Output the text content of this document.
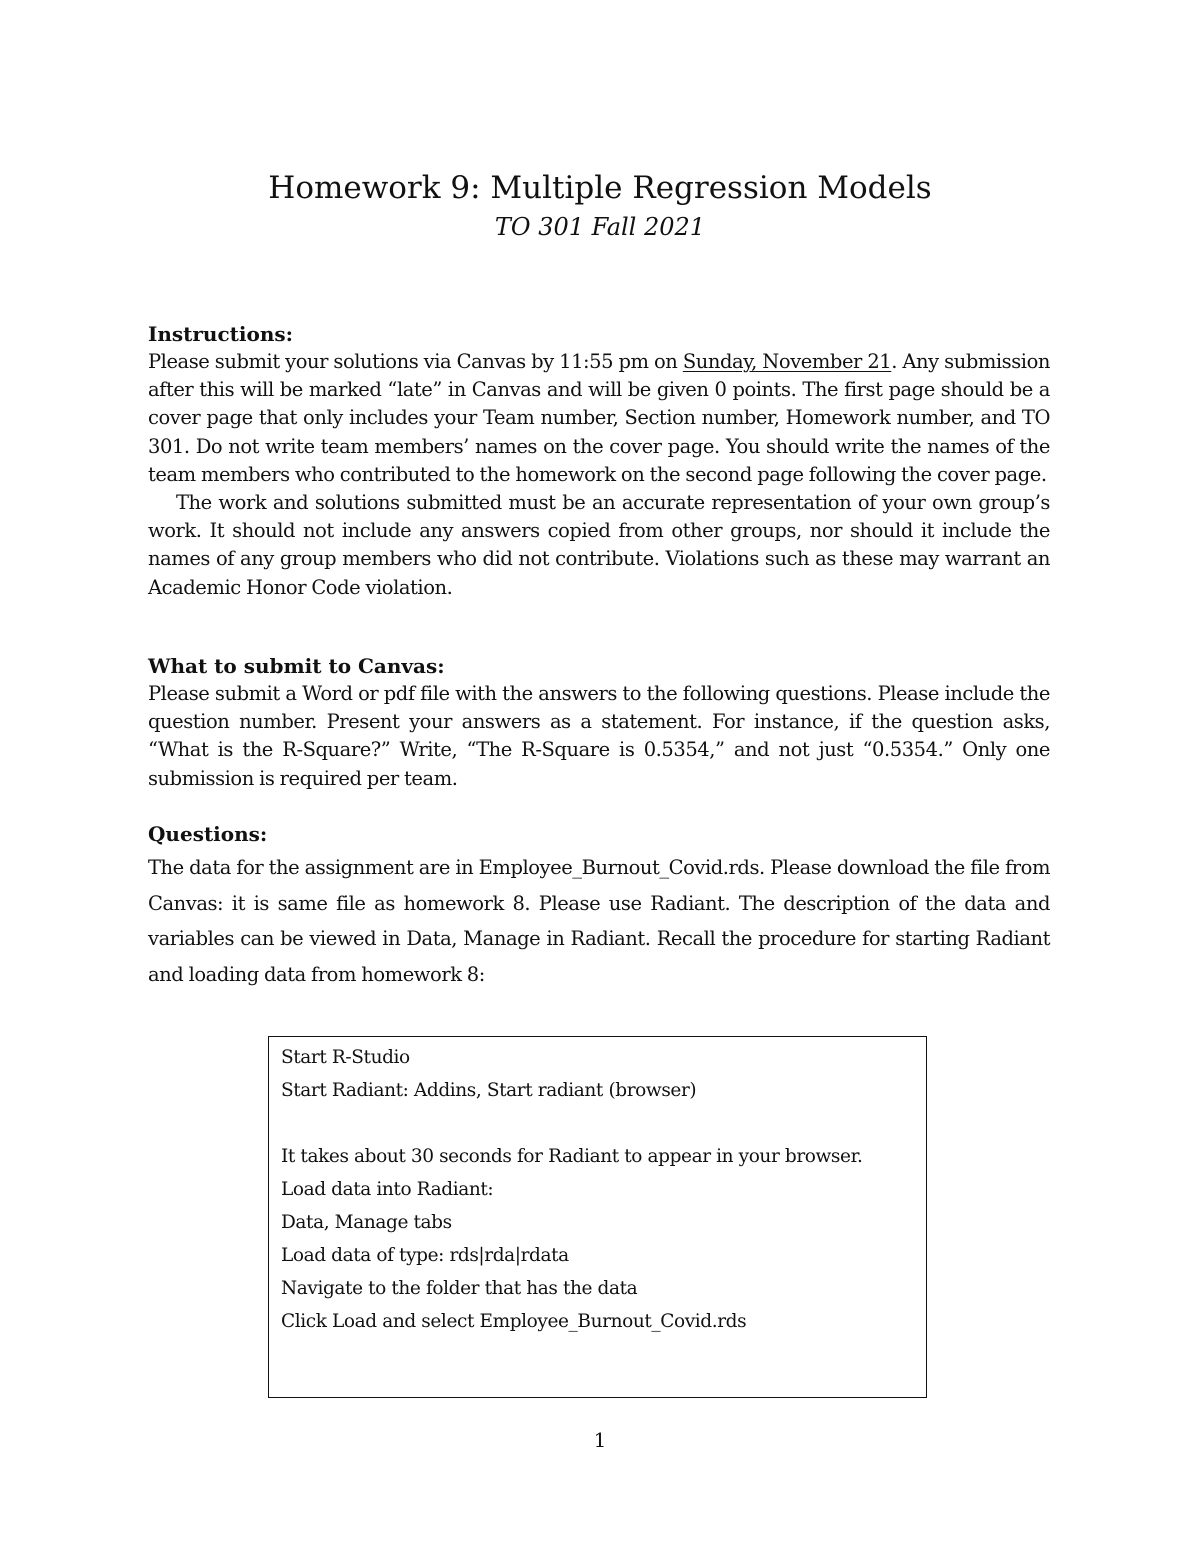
Homework 9: Multiple Regression Models
TO 301 Fall 2021

Instructions:

Please submit your solutions via Canvas by 11:55 pm on Sunday, November 21. Any submission after this will be marked “late” in Canvas and will be given 0 points. The first page should be a cover page that only includes your Team number, Section number, Homework number, and TO 301. Do not write team members’ names on the cover page. You should write the names of the team members who contributed to the homework on the second page following the cover page.

The work and solutions submitted must be an accurate representation of your own group’s work. It should not include any answers copied from other groups, nor should it include the names of any group members who did not contribute. Violations such as these may warrant an Academic Honor Code violation.

What to submit to Canvas:

Please submit a Word or pdf file with the answers to the following questions. Please include the question number. Present your answers as a statement. For instance, if the question asks, “What is the R-Square?” Write, “The R-Square is 0.5354,” and not just “0.5354.” Only one submission is required per team.

Questions:

The data for the assignment are in Employee_Burnout_Covid.rds. Please download the file from Canvas: it is same file as homework 8. Please use Radiant. The description of the data and variables can be viewed in Data, Manage in Radiant. Recall the procedure for starting Radiant and loading data from homework 8:

Start R-Studio
Start Radiant: Addins, Start radiant (browser)
It takes about 30 seconds for Radiant to appear in your browser.
Load data into Radiant:
Data, Manage tabs
Load data of type: rds|rda|rdata
Navigate to the folder that has the data
Click Load and select Employee_Burnout_Covid.rds
1
